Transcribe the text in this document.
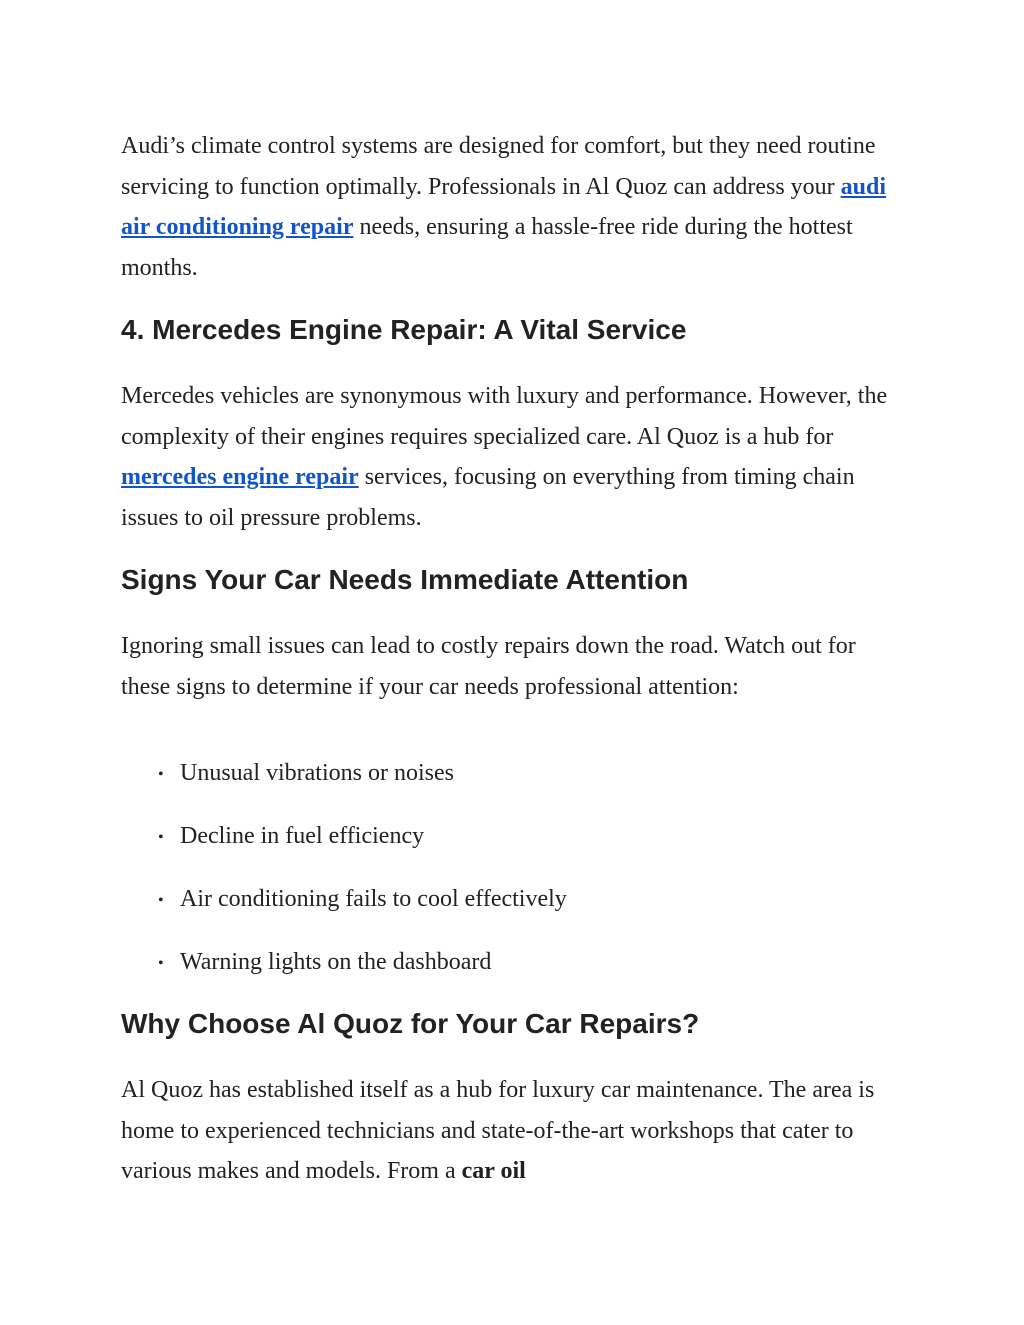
Audi’s climate control systems are designed for comfort, but they need routine servicing to function optimally. Professionals in Al Quoz can address your audi air conditioning repair needs, ensuring a hassle-free ride during the hottest months.

4. Mercedes Engine Repair: A Vital Service

Mercedes vehicles are synonymous with luxury and performance. However, the complexity of their engines requires specialized care. Al Quoz is a hub for mercedes engine repair services, focusing on everything from timing chain issues to oil pressure problems.

Signs Your Car Needs Immediate Attention

Ignoring small issues can lead to costly repairs down the road. Watch out for these signs to determine if your car needs professional attention:

• Unusual vibrations or noises
• Decline in fuel efficiency
• Air conditioning fails to cool effectively
• Warning lights on the dashboard
Why Choose Al Quoz for Your Car Repairs?

Al Quoz has established itself as a hub for luxury car maintenance. The area is home to experienced technicians and state-of-the-art workshops that cater to various makes and models. From a car oil
